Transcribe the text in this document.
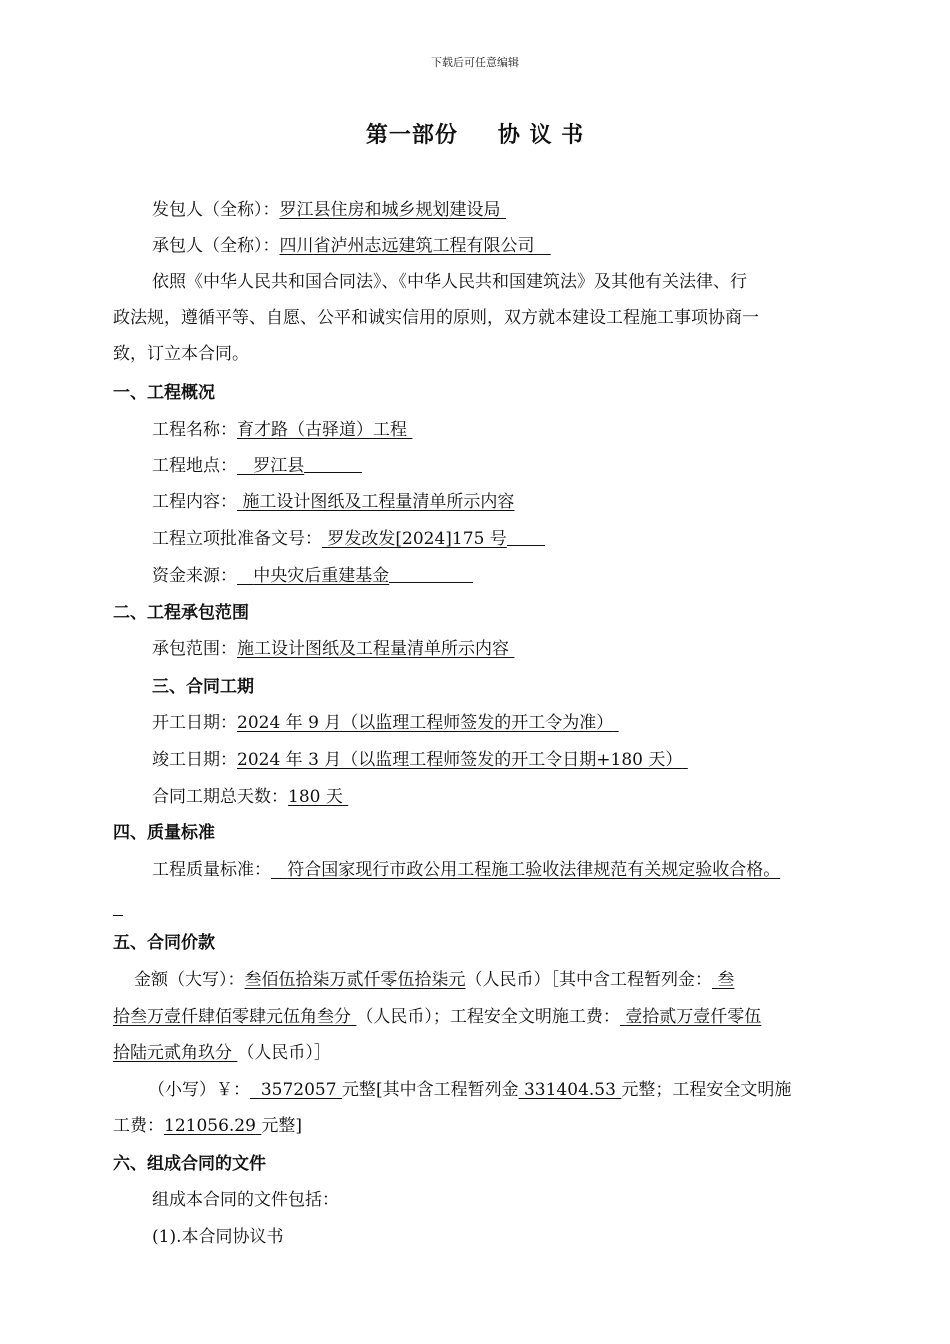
下载后可任意编辑
第一部份 协 议 书
发包人（全称）：罗江县住房和城乡规划建设局
承包人（全称）：四川省泸州志远建筑工程有限公司
依照《中华人民共和国合同法》、《中华人民共和国建筑法》及其他有关法律、行
政法规，遵循平等、自愿、公平和诚实信用的原则，双方就本建设工程施工事项协商一
致，订立本合同。
一、工程概况
工程名称：育才路（古驿道）工程
工程地点： 罗江县
工程内容： 施工设计图纸及工程量清单所示内容
工程立项批准备文号： 罗发改发[2024]175 号
资金来源： 中央灾后重建基金
二、工程承包范围
承包范围：施工设计图纸及工程量清单所示内容
三、合同工期
开工日期：2024 年 9 月（以监理工程师签发的开工令为准）
竣工日期：2024 年 3 月（以监理工程师签发的开工令日期+180 天）
合同工期总天数：180 天
四、质量标准
工程质量标准： 符合国家现行市政公用工程施工验收法律规范有关规定验收合格。
五、合同价款
金额（大写）：叁佰伍拾柒万贰仟零伍拾柒元（人民币）［其中含工程暂列金： 叁
拾叁万壹仟肆佰零肆元伍角叁分 （人民币）；工程安全文明施工费： 壹拾贰万壹仟零伍
拾陆元贰角玖分 （人民币）］
（小写）￥： 3572057 元整[其中含工程暂列金 331404.53 元整；工程安全文明施
工费：121056.29 元整]
六、组成合同的文件
组成本合同的文件包括：
(1).本合同协议书
